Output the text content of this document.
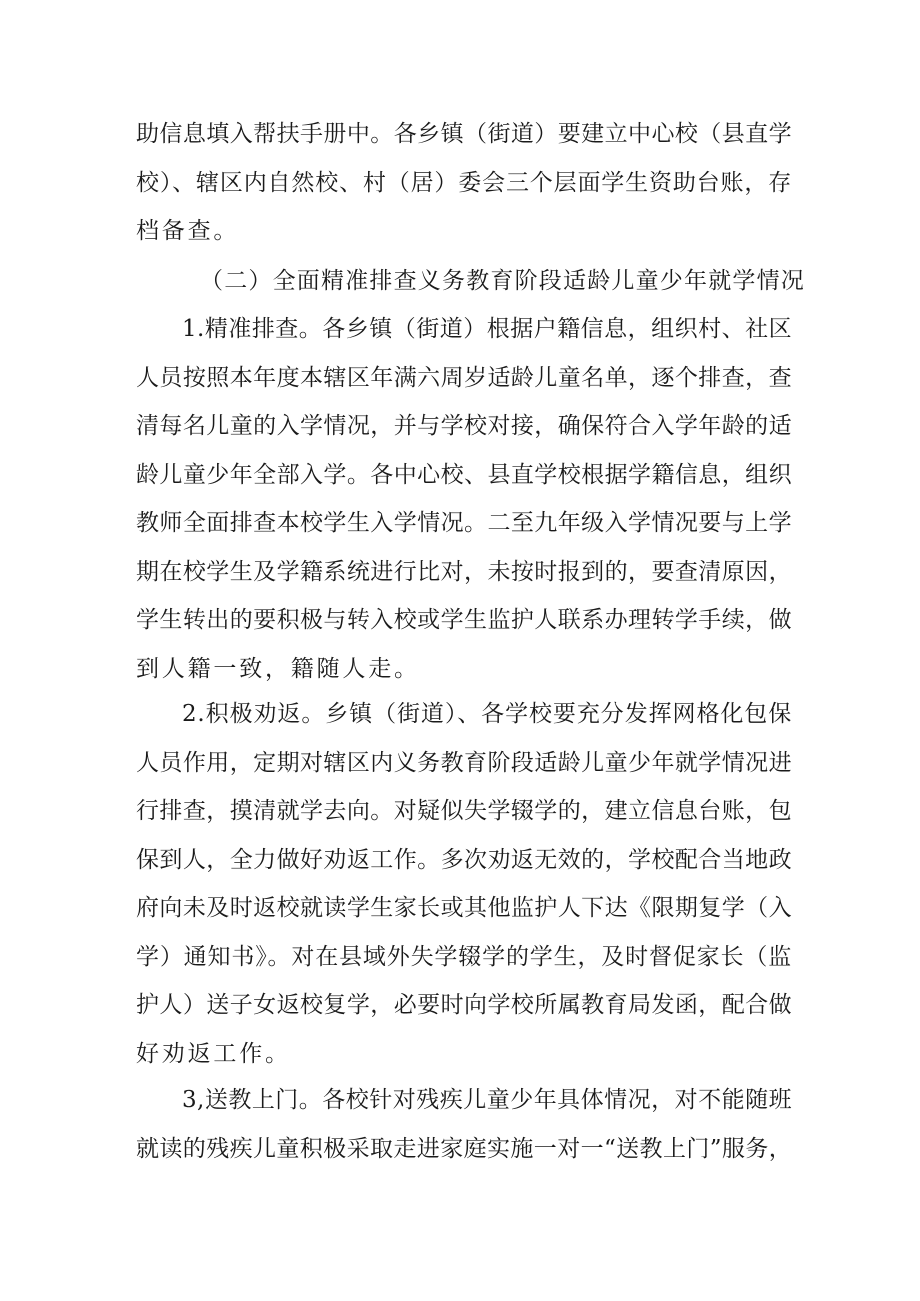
助信息填入帮扶手册中。各乡镇（街道）要建立中心校（县直学
校）、辖区内自然校、村（居）委会三个层面学生资助台账，存
档备查。
（二）全面精准排查义务教育阶段适龄儿童少年就学情况
1.精准排查。各乡镇（街道）根据户籍信息，组织村、社区
人员按照本年度本辖区年满六周岁适龄儿童名单，逐个排查，查
清每名儿童的入学情况，并与学校对接，确保符合入学年龄的适
龄儿童少年全部入学。各中心校、县直学校根据学籍信息，组织
教师全面排查本校学生入学情况。二至九年级入学情况要与上学
期在校学生及学籍系统进行比对，未按时报到的，要查清原因，
学生转出的要积极与转入校或学生监护人联系办理转学手续，做
到人籍一致，籍随人走。
2.积极劝返。乡镇（街道）、各学校要充分发挥网格化包保
人员作用，定期对辖区内义务教育阶段适龄儿童少年就学情况进
行排查，摸清就学去向。对疑似失学辍学的，建立信息台账，包
保到人，全力做好劝返工作。多次劝返无效的，学校配合当地政
府向未及时返校就读学生家长或其他监护人下达《限期复学（入
学）通知书》。对在县域外失学辍学的学生，及时督促家长（监
护人）送子女返校复学，必要时向学校所属教育局发函，配合做
好劝返工作。
3,送教上门。各校针对残疾儿童少年具体情况，对不能随班
就读的残疾儿童积极采取走进家庭实施一对一“送教上门”服务，
